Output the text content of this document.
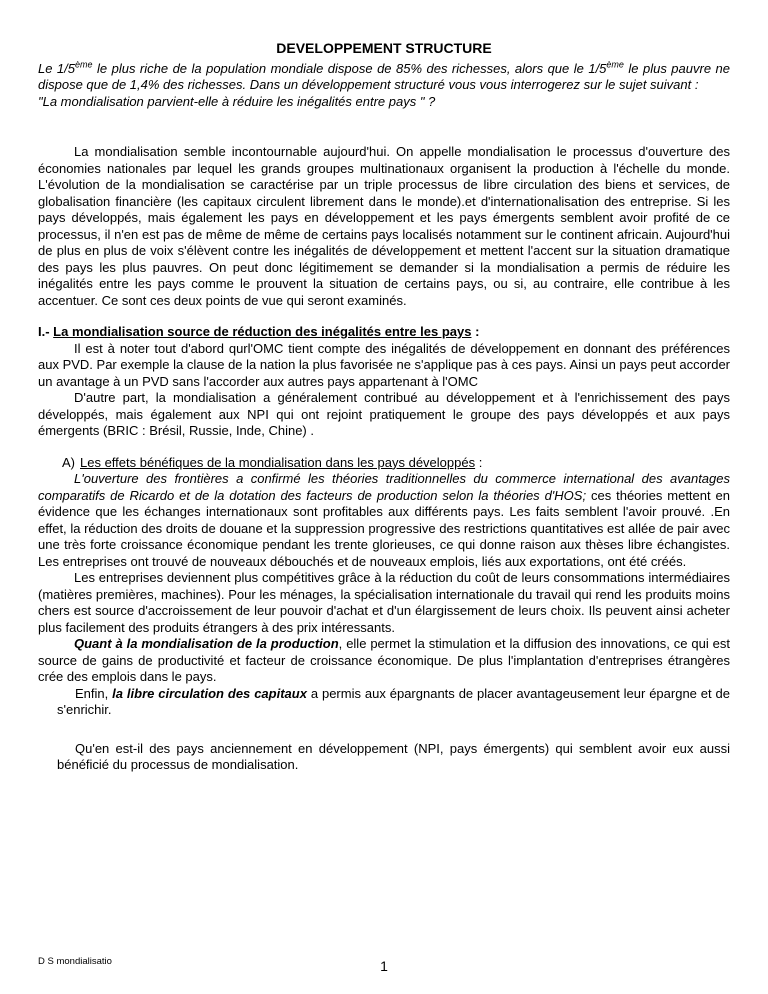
DEVELOPPEMENT STRUCTURE

Le 1/5ème le plus riche de la population mondiale dispose de 85% des richesses, alors que le 1/5ème le plus pauvre ne dispose que de 1,4% des richesses. Dans un développement structuré vous vous interrogerez sur le sujet suivant :

"La mondialisation parvient-elle à réduire les inégalités entre pays " ?

La mondialisation semble incontournable aujourd'hui. On appelle mondialisation le processus d'ouverture des économies nationales par lequel les grands groupes multinationaux organisent la production à l'échelle du monde. L'évolution de la mondialisation se caractérise par un triple processus de libre circulation des biens et services, de globalisation financière (les capitaux circulent librement dans le monde).et d'internationalisation des entreprise. Si les pays développés, mais également les pays en développement et les pays émergents semblent avoir profité de ce processus, il n'en est pas de même de même de certains pays localisés notamment sur le continent africain. Aujourd'hui de plus en plus de voix s'élèvent contre les inégalités de développement et mettent l'accent sur la situation dramatique des pays les plus pauvres. On peut donc légitimement se demander si la mondialisation a permis de réduire les inégalités entre les pays comme le prouvent la situation de certains pays, ou si, au contraire, elle contribue à les accentuer. Ce sont ces deux points de vue qui seront examinés.

I.- La mondialisation source de réduction des inégalités entre les pays :

Il est à noter tout d'abord qurl'OMC tient compte des inégalités de développement en donnant des préférences aux PVD. Par exemple la clause de la nation la plus favorisée ne s'applique pas à ces pays. Ainsi un pays peut accorder un avantage à un PVD sans l'accorder aux autres pays appartenant à l'OMC

D'autre part, la mondialisation a généralement contribué au développement et à l'enrichissement des pays développés, mais également aux NPI qui ont rejoint pratiquement le groupe des pays développés et aux pays émergents (BRIC : Brésil, Russie, Inde, Chine) .

A) Les effets bénéfiques de la mondialisation dans les pays développés :

L'ouverture des frontières a confirmé les théories traditionnelles du commerce international des avantages comparatifs de Ricardo et de la dotation des facteurs de production selon la théories d'HOS; ces théories mettent en évidence que les échanges internationaux sont profitables aux différents pays. Les faits semblent l'avoir prouvé. .En effet, la réduction des droits de douane et la suppression progressive des restrictions quantitatives est allée de pair avec une très forte croissance économique pendant les trente glorieuses, ce qui donne raison aux thèses libre échangistes. Les entreprises ont trouvé de nouveaux débouchés et de nouveaux emplois, liés aux exportations, ont été créés.

Les entreprises deviennent plus compétitives grâce à la réduction du coût de leurs consommations intermédiaires (matières premières, machines). Pour les ménages, la spécialisation internationale du travail qui rend les produits moins chers est source d'accroissement de leur pouvoir d'achat et d'un élargissement de leurs choix. Ils peuvent ainsi acheter plus facilement des produits étrangers à des prix intéressants.

Quant à la mondialisation de la production, elle permet la stimulation et la diffusion des innovations, ce qui est source de gains de productivité et facteur de croissance économique. De plus l'implantation d'entreprises étrangères crée des emplois dans le pays.

Enfin, la libre circulation des capitaux a permis aux épargnants de placer avantageusement leur épargne et de s'enrichir.

Qu'en est-il des pays anciennement en développement (NPI, pays émergents) qui semblent avoir eux aussi bénéficié du processus de mondialisation.

D S mondialisatio	1
